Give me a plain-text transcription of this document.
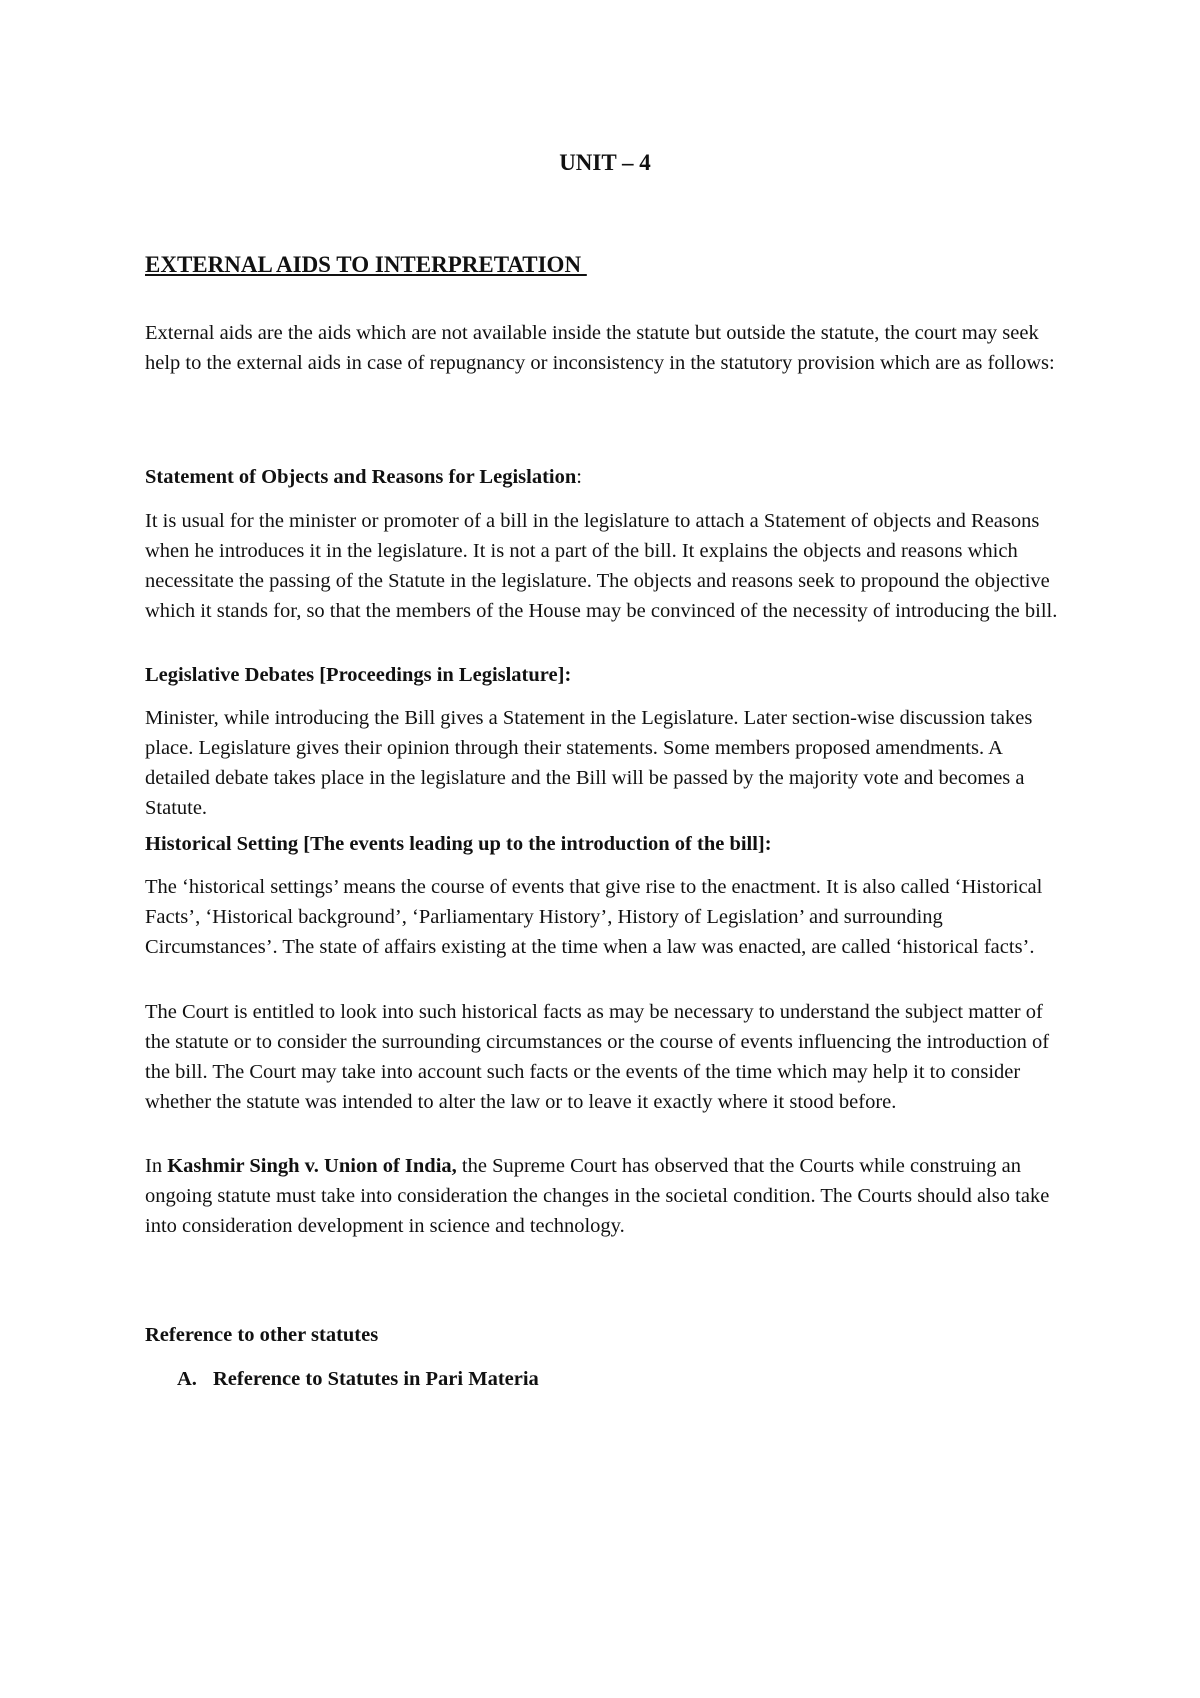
UNIT – 4
EXTERNAL AIDS TO INTERPRETATION

External aids are the aids which are not available inside the statute but outside the statute, the court may seek help to the external aids in case of repugnancy or inconsistency in the statutory provision which are as follows:

Statement of Objects and Reasons for Legislation:

It is usual for the minister or promoter of a bill in the legislature to attach a Statement of objects and Reasons when he introduces it in the legislature. It is not a part of the bill. It explains the objects and reasons which necessitate the passing of the Statute in the legislature. The objects and reasons seek to propound the objective which it stands for, so that the members of the House may be convinced of the necessity of introducing the bill.

Legislative Debates [Proceedings in Legislature]:

Minister, while introducing the Bill gives a Statement in the Legislature. Later section-wise discussion takes place. Legislature gives their opinion through their statements. Some members proposed amendments. A detailed debate takes place in the legislature and the Bill will be passed by the majority vote and becomes a Statute.

Historical Setting [The events leading up to the introduction of the bill]:

The ‘historical settings’ means the course of events that give rise to the enactment. It is also called ‘Historical Facts’, ‘Historical background’, ‘Parliamentary History’, History of Legislation’ and surrounding Circumstances’. The state of affairs existing at the time when a law was enacted, are called ‘historical facts’.

The Court is entitled to look into such historical facts as may be necessary to understand the subject matter of the statute or to consider the surrounding circumstances or the course of events influencing the introduction of the bill. The Court may take into account such facts or the events of the time which may help it to consider whether the statute was intended to alter the law or to leave it exactly where it stood before.

In Kashmir Singh v. Union of India, the Supreme Court has observed that the Courts while construing an ongoing statute must take into consideration the changes in the societal condition. The Courts should also take into consideration development in science and technology.

Reference to other statutes

A. Reference to Statutes in Pari Materia
